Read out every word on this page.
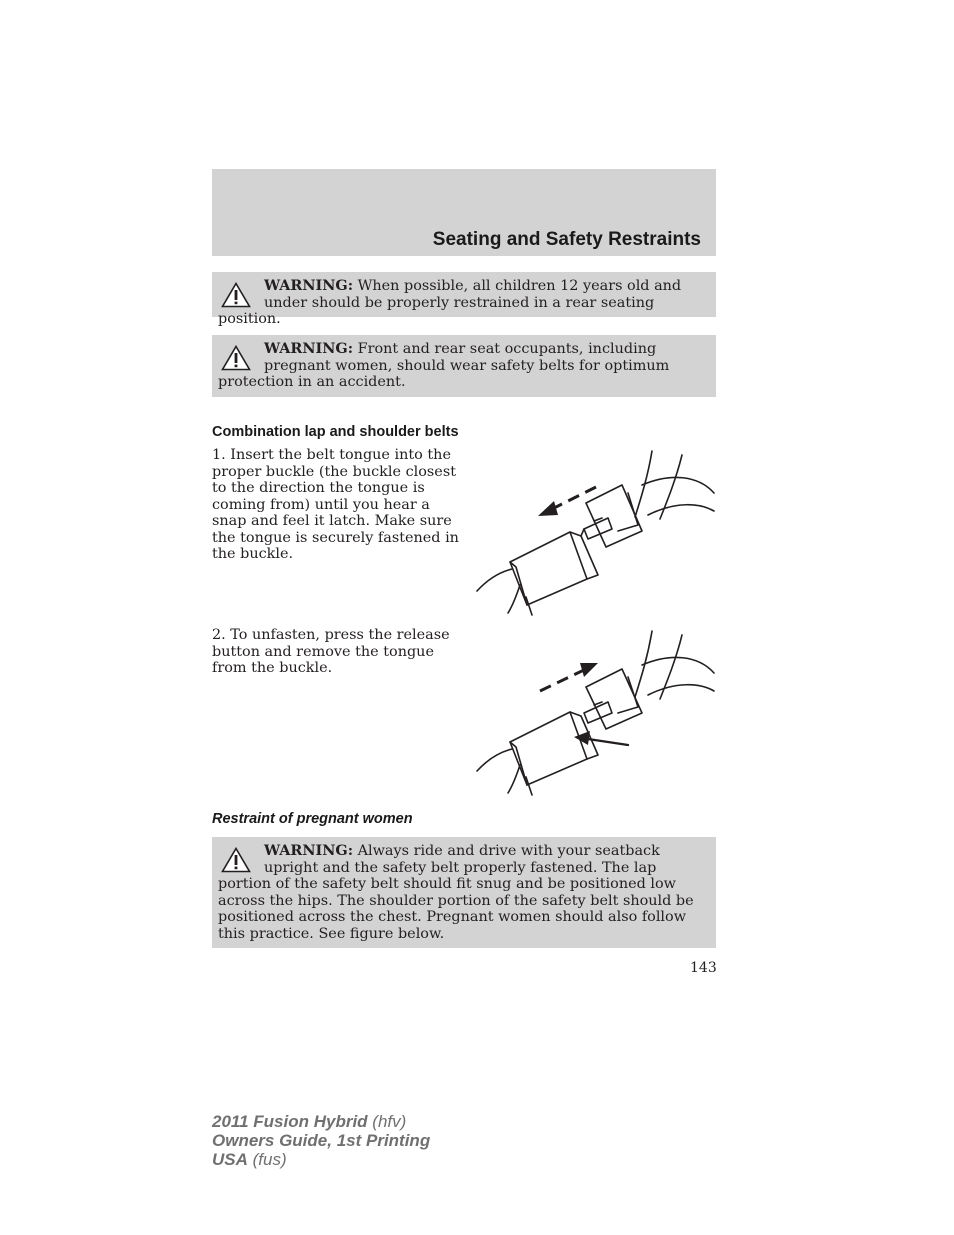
Seating and Safety Restraints
WARNING: When possible, all children 12 years old and under should be properly restrained in a rear seating position.
WARNING: Front and rear seat occupants, including pregnant women, should wear safety belts for optimum protection in an accident.
Combination lap and shoulder belts
1. Insert the belt tongue into the proper buckle (the buckle closest to the direction the tongue is coming from) until you hear a snap and feel it latch. Make sure the tongue is securely fastened in the buckle.
2. To unfasten, press the release button and remove the tongue from the buckle.
Restraint of pregnant women
WARNING: Always ride and drive with your seatback upright and the safety belt properly fastened. The lap portion of the safety belt should fit snug and be positioned low across the hips. The shoulder portion of the safety belt should be positioned across the chest. Pregnant women should also follow this practice. See figure below.
143
2011 Fusion Hybrid (hfv)
Owners Guide, 1st Printing
USA (fus)
